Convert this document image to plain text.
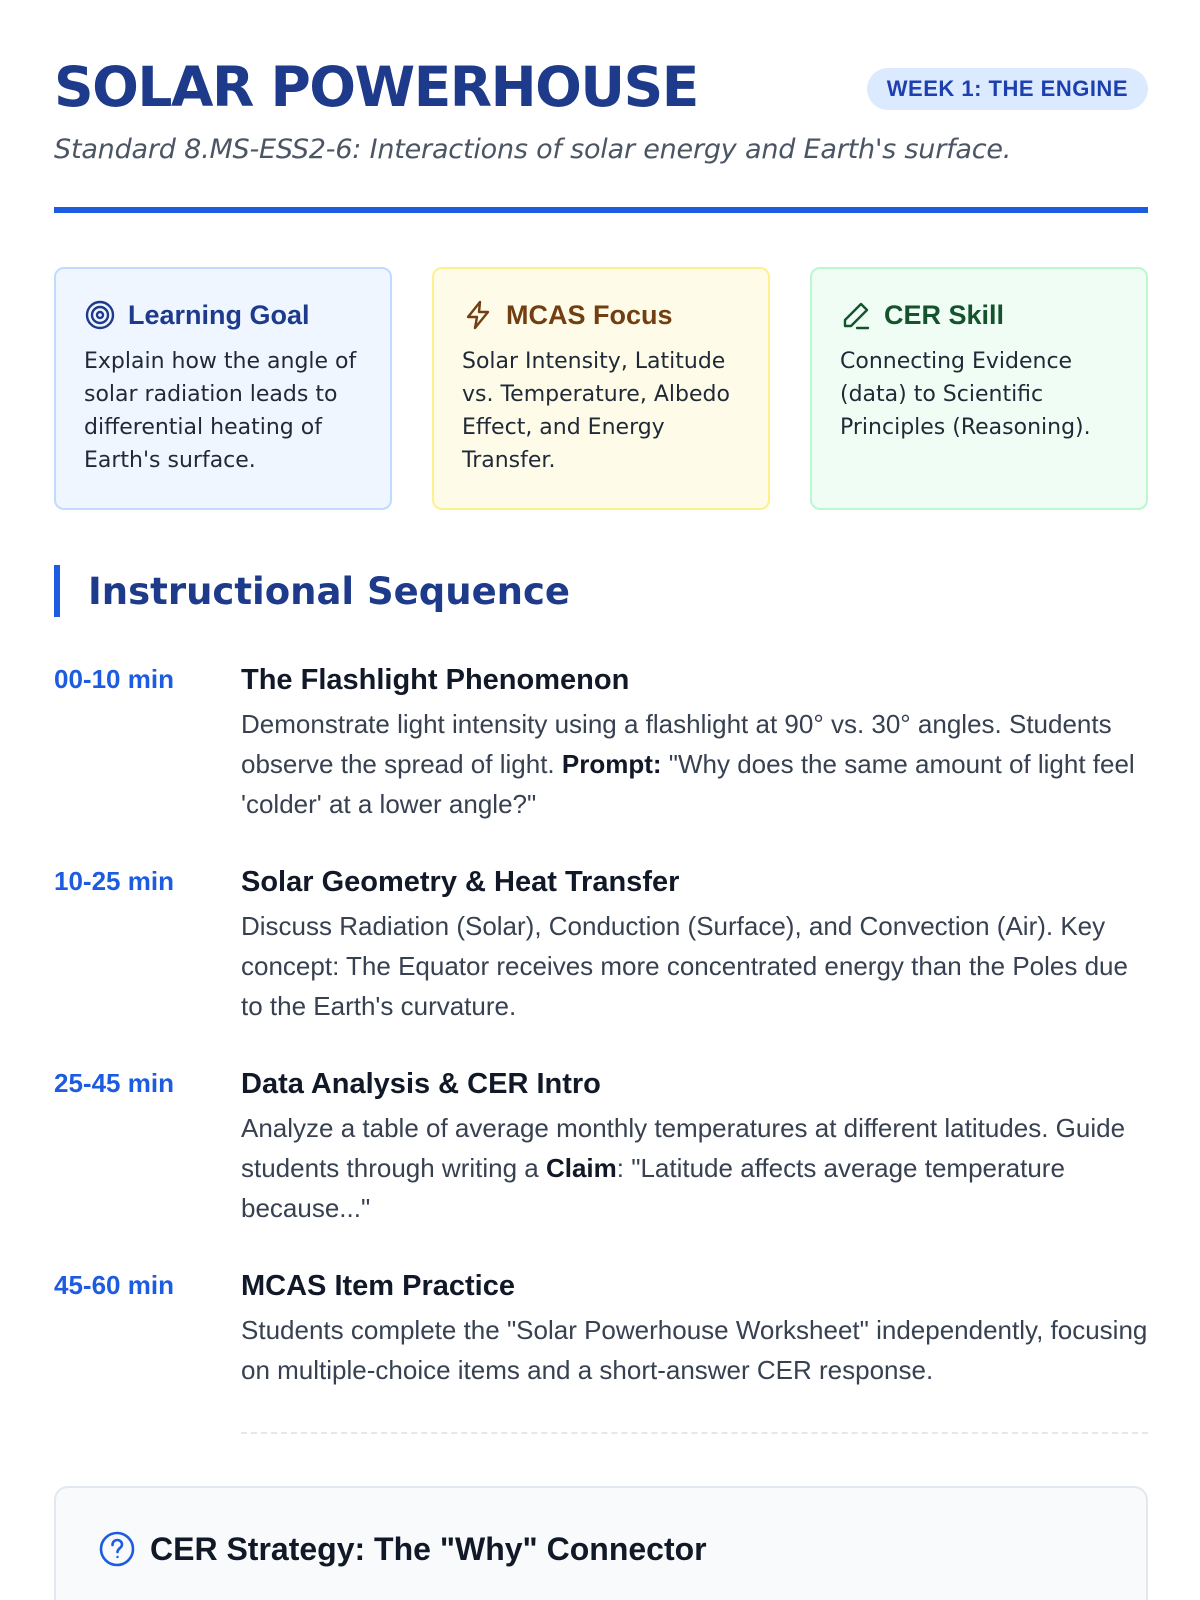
SOLAR POWERHOUSE	WEEK 1: THE ENGINE

Standard 8.MS-ESS2-6: Interactions of solar energy and Earth's surface.

Learning Goal

Explain how the angle of solar radiation leads to differential heating of Earth's surface.

MCAS Focus

Solar Intensity, Latitude vs. Temperature, Albedo Effect, and Energy Transfer.

CER Skill

Connecting Evidence (data) to Scientific Principles (Reasoning).

Instructional Sequence
00-10 min	The Flashlight Phenomenon

Demonstrate light intensity using a flashlight at 90° vs. 30° angles. Students observe the spread of light. Prompt: "Why does the same amount of light feel 'colder' at a lower angle?"

10-25 min	Solar Geometry & Heat Transfer

Discuss Radiation (Solar), Conduction (Surface), and Convection (Air). Key concept: The Equator receives more concentrated energy than the Poles due to the Earth's curvature.

25-45 min	Data Analysis & CER Intro

Analyze a table of average monthly temperatures at different latitudes. Guide students through writing a Claim: "Latitude affects average temperature because..."

45-60 min	MCAS Item Practice

Students complete the "Solar Powerhouse Worksheet" independently, focusing on multiple-choice items and a short-answer CER response.

CER Strategy: The "Why" Connector
